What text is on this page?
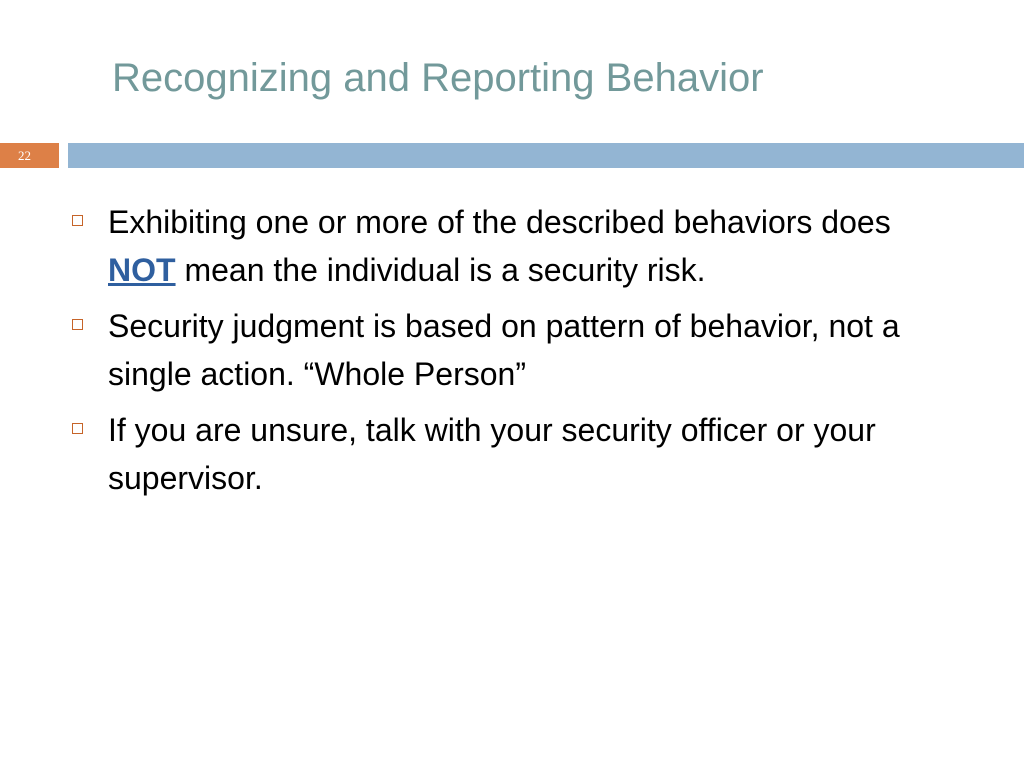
Recognizing and Reporting Behavior
22
Exhibiting one or more of the described behaviors does NOT mean the individual is a security risk.
Security judgment is based on pattern of behavior, not a single action. “Whole Person”
If you are unsure, talk with your security officer or your supervisor.
